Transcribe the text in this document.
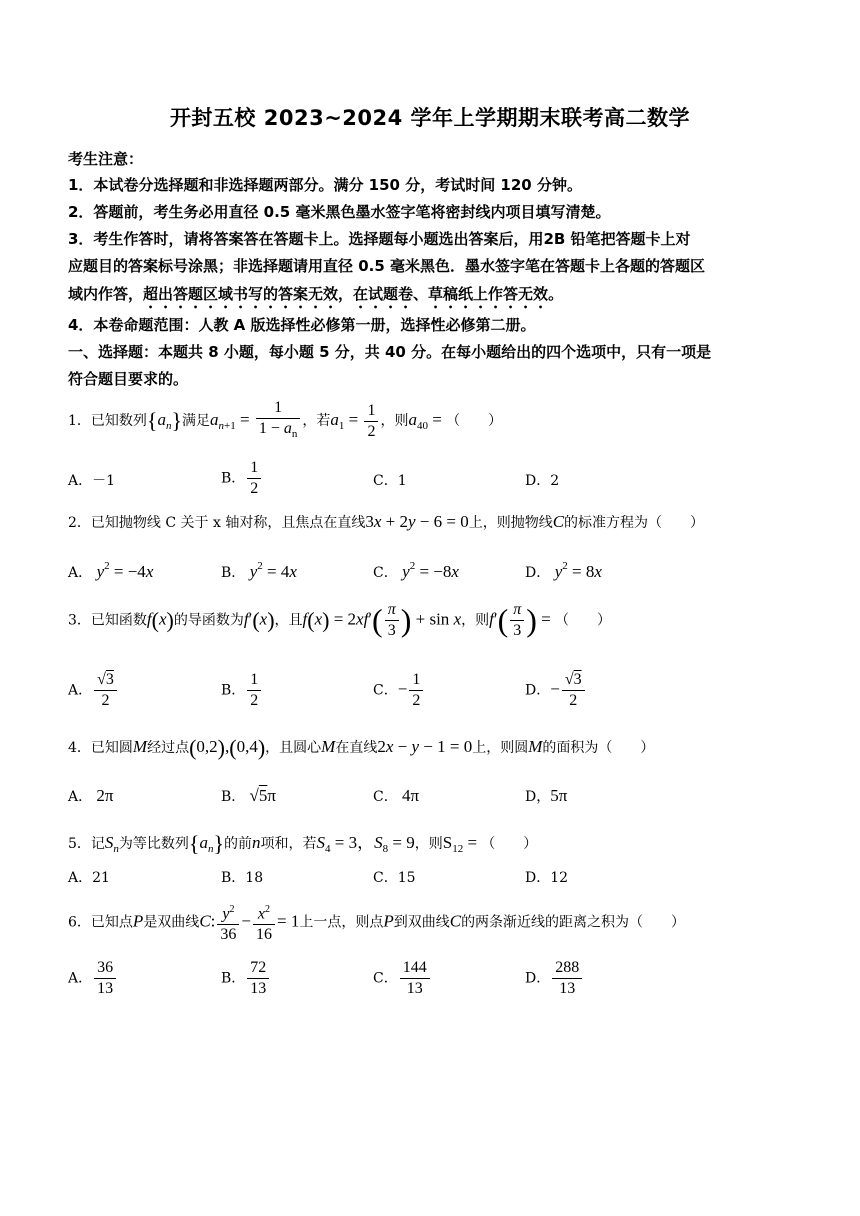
开封五校 2023~2024 学年上学期期末联考高二数学
考生注意：
1．本试卷分选择题和非选择题两部分。满分 150 分，考试时间 120 分钟。
2．答题前，考生务必用直径 0.5 毫米黑色墨水签字笔将密封线内项目填写清楚。
3．考生作答时，请将答案答在答题卡上。选择题每小题选出答案后，用2B 铅笔把答题卡上对
应题目的答案标号涂黑；非选择题请用直径 0.5 毫米黑色．墨水签字笔在答题卡上各题的答题区
域内作答，超出答题区域书写的答案无效，在试题卷、草稿纸上作答无效。
4．本卷命题范围：人教 A 版选择性必修第一册，选择性必修第二册。
一、选择题：本题共 8 小题，每小题 5 分，共 40 分。在每小题给出的四个选项中，只有一项是
符合题目要求的。
1．已知数列$\{a_n\}$满足$a_{n+1} = \frac{1}{1 - a_n}$ ，若$a_1 = \frac{1}{2}$ ，则$a_{40}$ = （　　）
A．－1	B． $\frac{1}{2}$	C．1	D．2
2．已知抛物线 C 关于 x 轴对称，且焦点在直线3x + 2y − 6 = 0上，则抛物线C的标准方程为（　　）
A． $y^2 = -4x$	B． $y^2 = 4x$	C． $y^2 = -8x$	D． $y^2 = 8x$
3．已知函数f(x)的导函数为f′(x)，且$f(x) = 2xf'( \frac{\pi}{3}$ ) + sin x，则$f'( \frac{\pi}{3}$ ) = （　　）
A． $\frac{√3}{2}$	B． $\frac{1}{2}$	C．− $\frac{1}{2}$	D．− $\frac{√3}{2}$
4．已知圆M经过点(0,2),(0,4)，且圆心M在直线2x − y − 1 = 0上，则圆M的面积为（　　）
A． 2π	B． √5π	C． 4π	D，5π
5．记$S_n$为等比数列$\{a_n\}$的前n项和，若$S_4 = 3$，$S_8 = 9$，则$S_{12}$ = （　　）
A．21	B．18	C．15	D．12
6．已知点P是双曲线C: $\frac{y^2}{36} - \frac{x^2}{16} = 1$上一点，则点P到双曲线C的两条渐近线的距离之积为（　　）
A． $\frac{36}{13}$	B． $\frac{72}{13}$	C． $\frac{144}{13}$	D． $\frac{288}{13}$
